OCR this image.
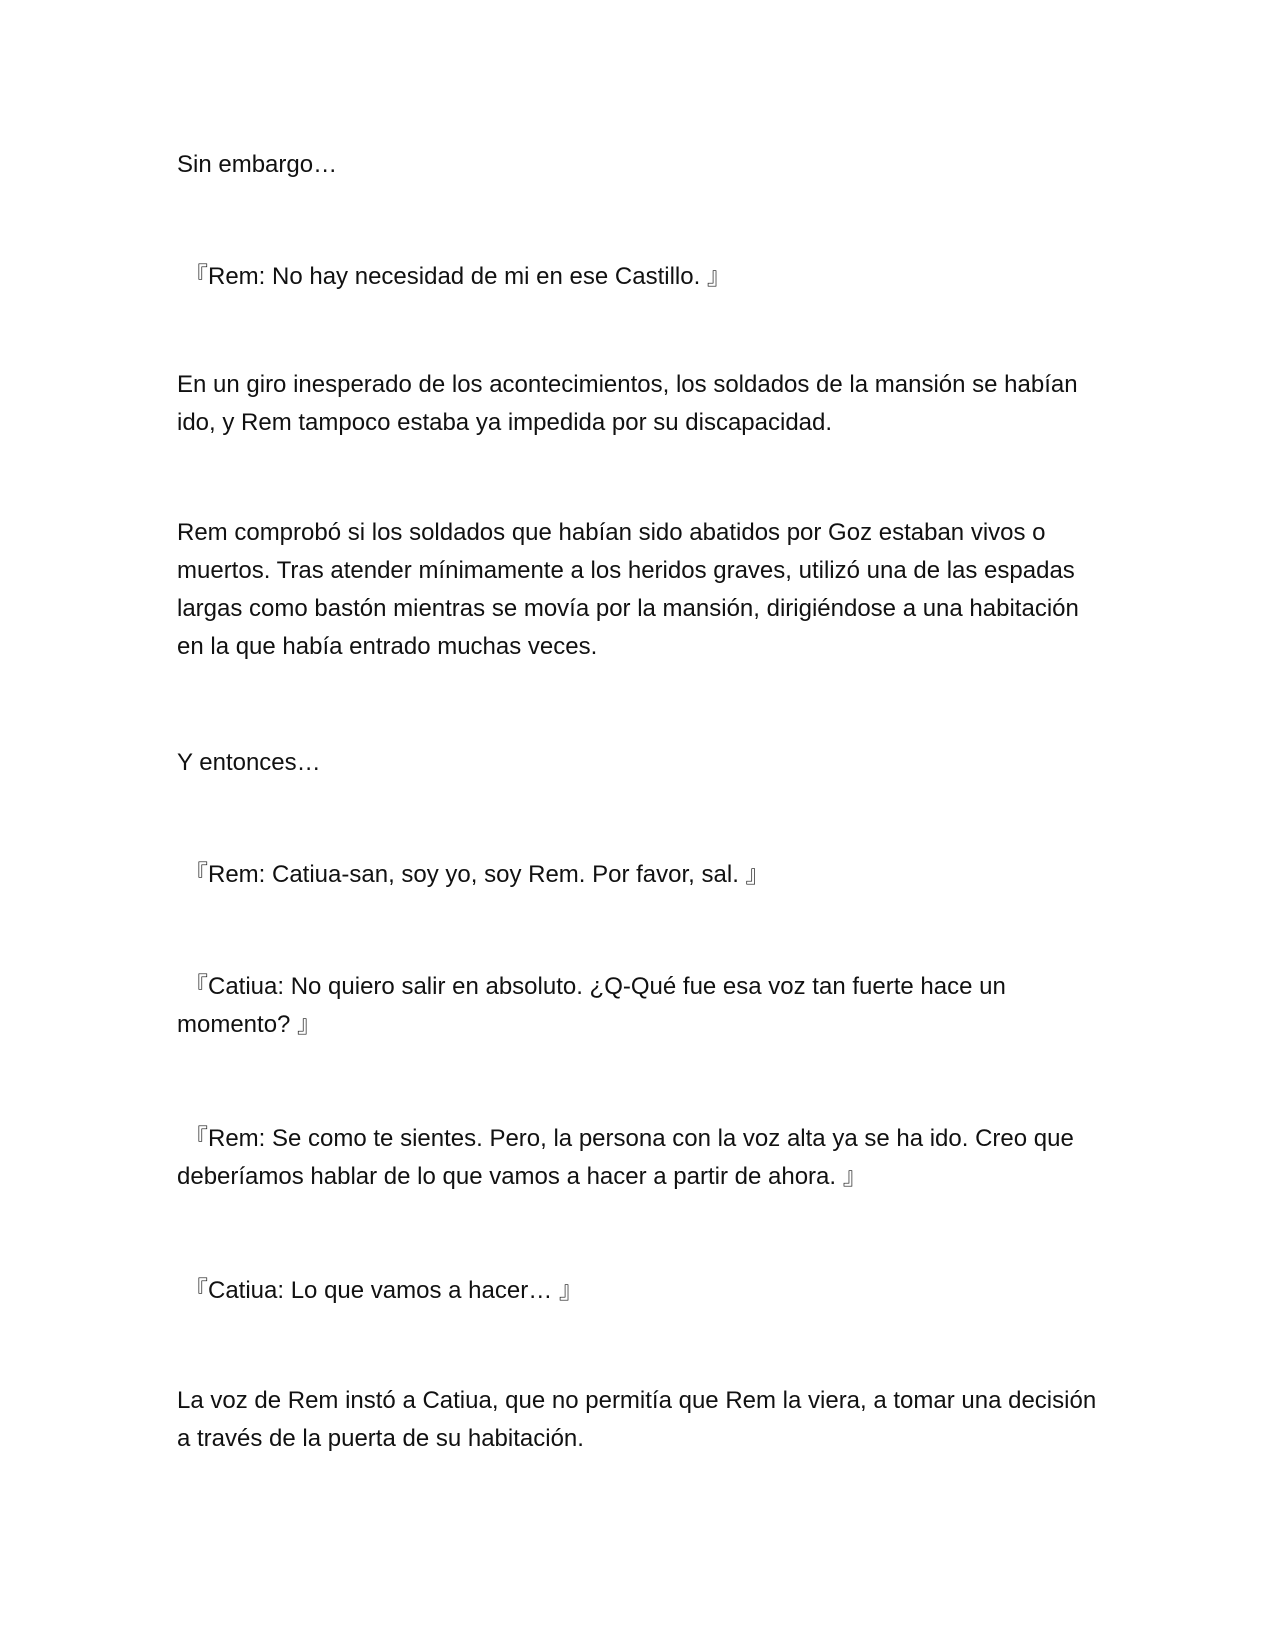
Sin embargo…

『Rem: No hay necesidad de mi en ese Castillo. 』

En un giro inesperado de los acontecimientos, los soldados de la mansión se habían ido, y Rem tampoco estaba ya impedida por su discapacidad.

Rem comprobó si los soldados que habían sido abatidos por Goz estaban vivos o muertos. Tras atender mínimamente a los heridos graves, utilizó una de las espadas largas como bastón mientras se movía por la mansión, dirigiéndose a una habitación en la que había entrado muchas veces.

Y entonces…

『Rem: Catiua-san, soy yo, soy Rem. Por favor, sal. 』

『Catiua: No quiero salir en absoluto. ¿Q-Qué fue esa voz tan fuerte hace un momento? 』

『Rem: Se como te sientes. Pero, la persona con la voz alta ya se ha ido. Creo que deberíamos hablar de lo que vamos a hacer a partir de ahora. 』

『Catiua: Lo que vamos a hacer… 』

La voz de Rem instó a Catiua, que no permitía que Rem la viera, a tomar una decisión a través de la puerta de su habitación.
